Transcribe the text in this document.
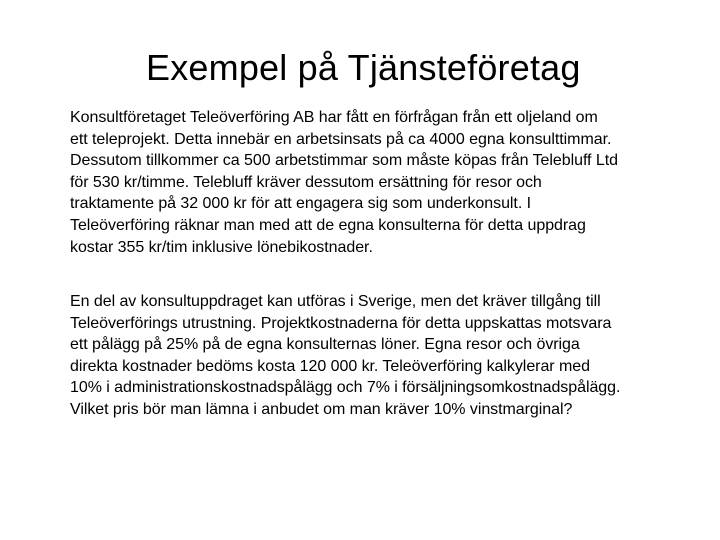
Exempel på Tjänsteföretag

Konsultföretaget Teleöverföring AB har fått en förfrågan från ett oljeland om
ett teleprojekt. Detta innebär en arbetsinsats på ca 4000 egna konsulttimmar.
Dessutom tillkommer ca 500 arbetstimmar som måste köpas från Telebluff Ltd
för 530 kr/timme. Telebluff kräver dessutom ersättning för resor och
traktamente på 32 000 kr för att engagera sig som underkonsult. I
Teleöverföring räknar man med att de egna konsulterna för detta uppdrag
kostar 355 kr/tim inklusive lönebikostnader.

En del av konsultuppdraget kan utföras i Sverige, men det kräver tillgång till
Teleöverförings utrustning. Projektkostnaderna för detta uppskattas motsvara
ett pålägg på 25% på de egna konsulternas löner. Egna resor och övriga
direkta kostnader bedöms kosta 120 000 kr. Teleöverföring kalkylerar med
10% i administrationskostnadspålägg och 7% i försäljningsomkostnadspålägg.
Vilket pris bör man lämna i anbudet om man kräver 10% vinstmarginal?
